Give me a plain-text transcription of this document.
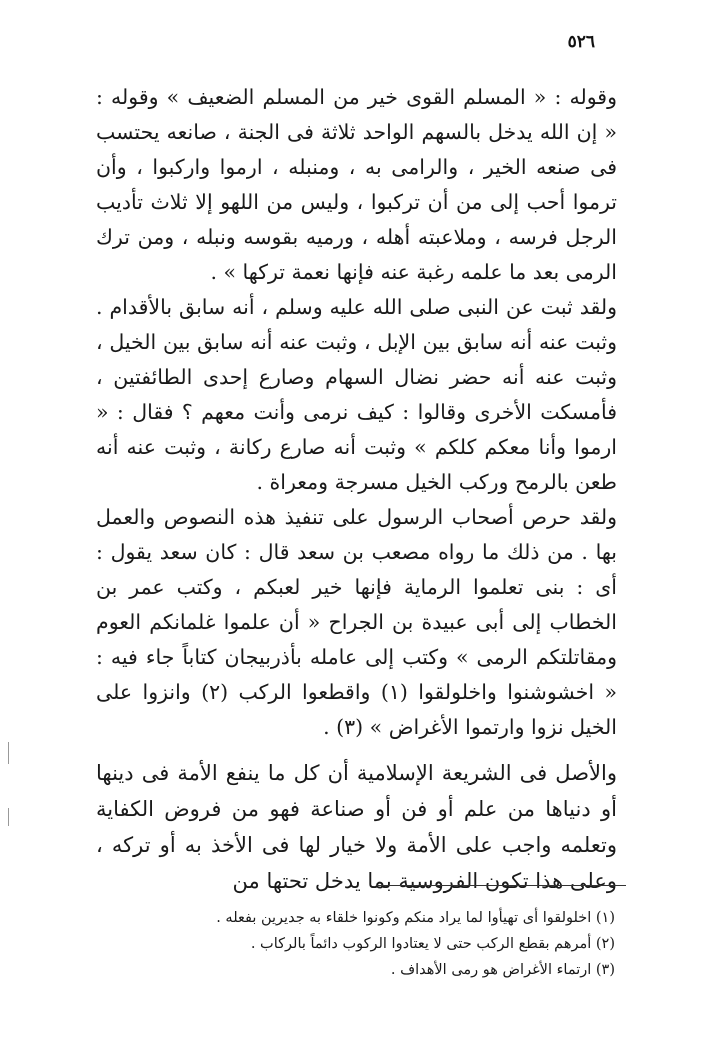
٥٢٦

وقوله : « المسلم القوى خير من المسلم الضعيف » وقوله : « إن الله يدخل بالسهم الواحد ثلاثة فى الجنة ، صانعه يحتسب فى صنعه الخير ، والرامى به ، ومنبله ، ارموا واركبوا ، وأن ترموا أحب إلى من أن تركبوا ، وليس من اللهو إلا ثلاث تأديب الرجل فرسه ، وملاعبته أهله ، ورميه بقوسه ونبله ، ومن ترك الرمى بعد ما علمه رغبة عنه فإنها نعمة تركها » .

ولقد ثبت عن النبى صلى الله عليه وسلم ، أنه سابق بالأقدام . وثبت عنه أنه سابق بين الإبل ، وثبت عنه أنه سابق بين الخيل ، وثبت عنه أنه حضر نضال السهام وصارع إحدى الطائفتين ، فأمسكت الأخرى وقالوا : كيف نرمى وأنت معهم ؟ فقال : « ارموا وأنا معكم كلكم » وثبت أنه صارع ركانة ، وثبت عنه أنه طعن بالرمح وركب الخيل مسرجة ومعراة .

ولقد حرص أصحاب الرسول على تنفيذ هذه النصوص والعمل بها . من ذلك ما رواه مصعب بن سعد قال : كان سعد يقول : أى : بنى تعلموا الرماية فإنها خير لعبكم ، وكتب عمر بن الخطاب إلى أبى عبيدة بن الجراح « أن علموا غلمانكم العوم ومقاتلتكم الرمى » وكتب إلى عامله بأذربيجان كتاباً جاء فيه : « اخشوشنوا واخلولقوا (١) واقطعوا الركب (٢) وانزوا على الخيل نزوا وارتموا الأغراض » (٣) .

والأصل فى الشريعة الإسلامية أن كل ما ينفع الأمة فى دينها أو دنياها من علم أو فن أو صناعة فهو من فروض الكفاية وتعلمه واجب على الأمة ولا خيار لها فى الأخذ به أو تركه ، وعلى هذا تكون الفروسية بما يدخل تحتها من

(١) اخلولقوا أى تهيأوا لما يراد منكم وكونوا خلقاء به جديرين بفعله .

(٢) أمرهم بقطع الركب حتى لا يعتادوا الركوب دائماً بالركاب .

(٣) ارتماء الأغراض هو رمى الأهداف .
